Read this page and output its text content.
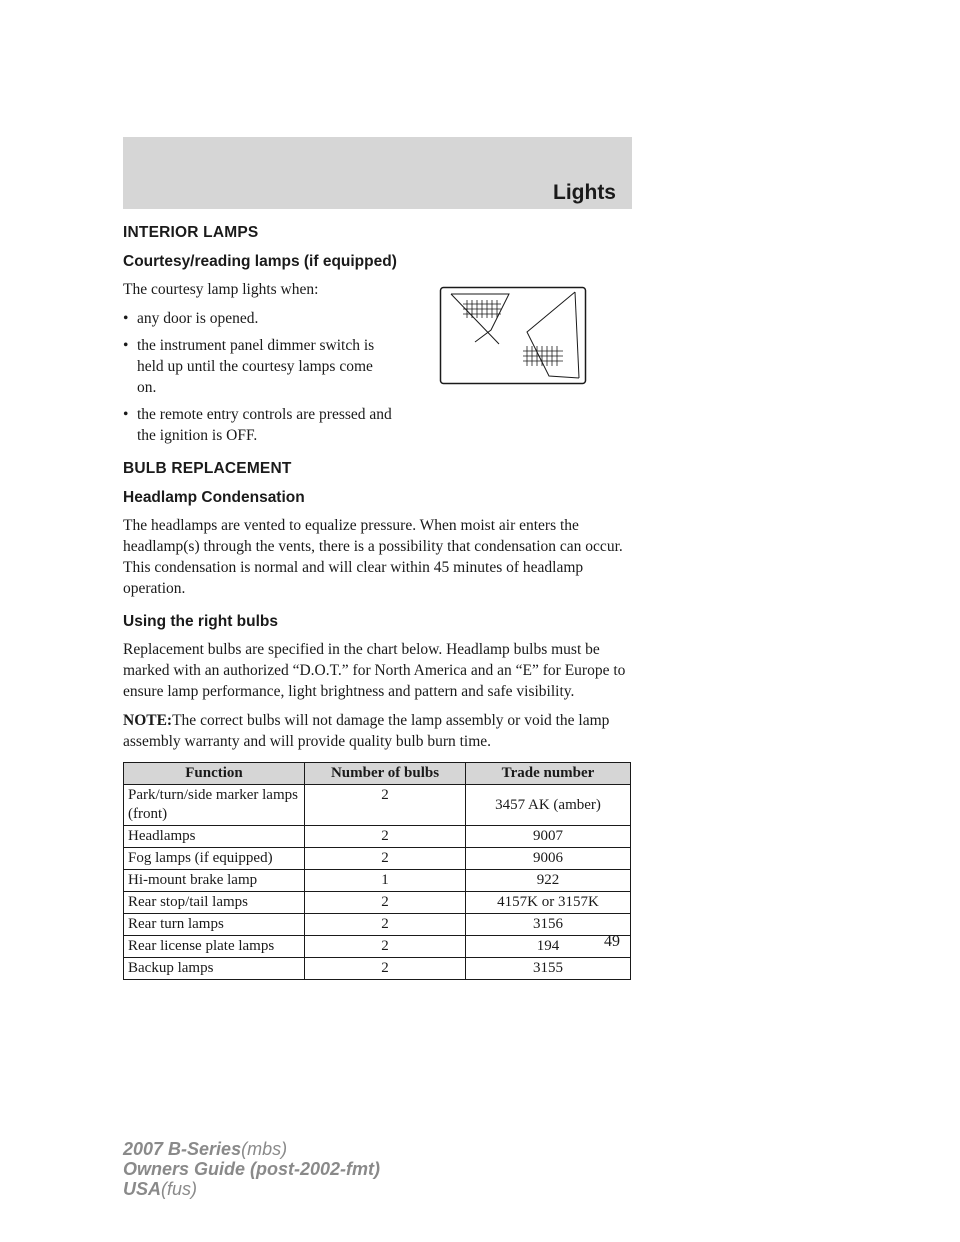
Lights
INTERIOR LAMPS
Courtesy/reading lamps (if equipped)

The courtesy lamp lights when:

• any door is opened.
• the instrument panel dimmer switch is held up until the courtesy lamps come on.
• the remote entry controls are pressed and the ignition is OFF.
BULB REPLACEMENT
Headlamp Condensation

The headlamps are vented to equalize pressure. When moist air enters the headlamp(s) through the vents, there is a possibility that condensation can occur. This condensation is normal and will clear within 45 minutes of headlamp operation.

Using the right bulbs

Replacement bulbs are specified in the chart below. Headlamp bulbs must be marked with an authorized “D.O.T.” for North America and an “E” for Europe to ensure lamp performance, light brightness and pattern and safe visibility.

NOTE:The correct bulbs will not damage the lamp assembly or void the lamp assembly warranty and will provide quality bulb burn time.

Function	Number of bulbs	Trade number
Park/turn/side marker lamps (front)	2	3457 AK (amber)
Headlamps	2	9007
Fog lamps (if equipped)	2	9006
Hi-mount brake lamp	1	922
Rear stop/tail lamps	2	4157K or 3157K
Rear turn lamps	2	3156
Rear license plate lamps	2	194
Backup lamps	2	3155
49
2007 B-Series(mbs)
Owners Guide (post-2002-fmt)
USA(fus)
